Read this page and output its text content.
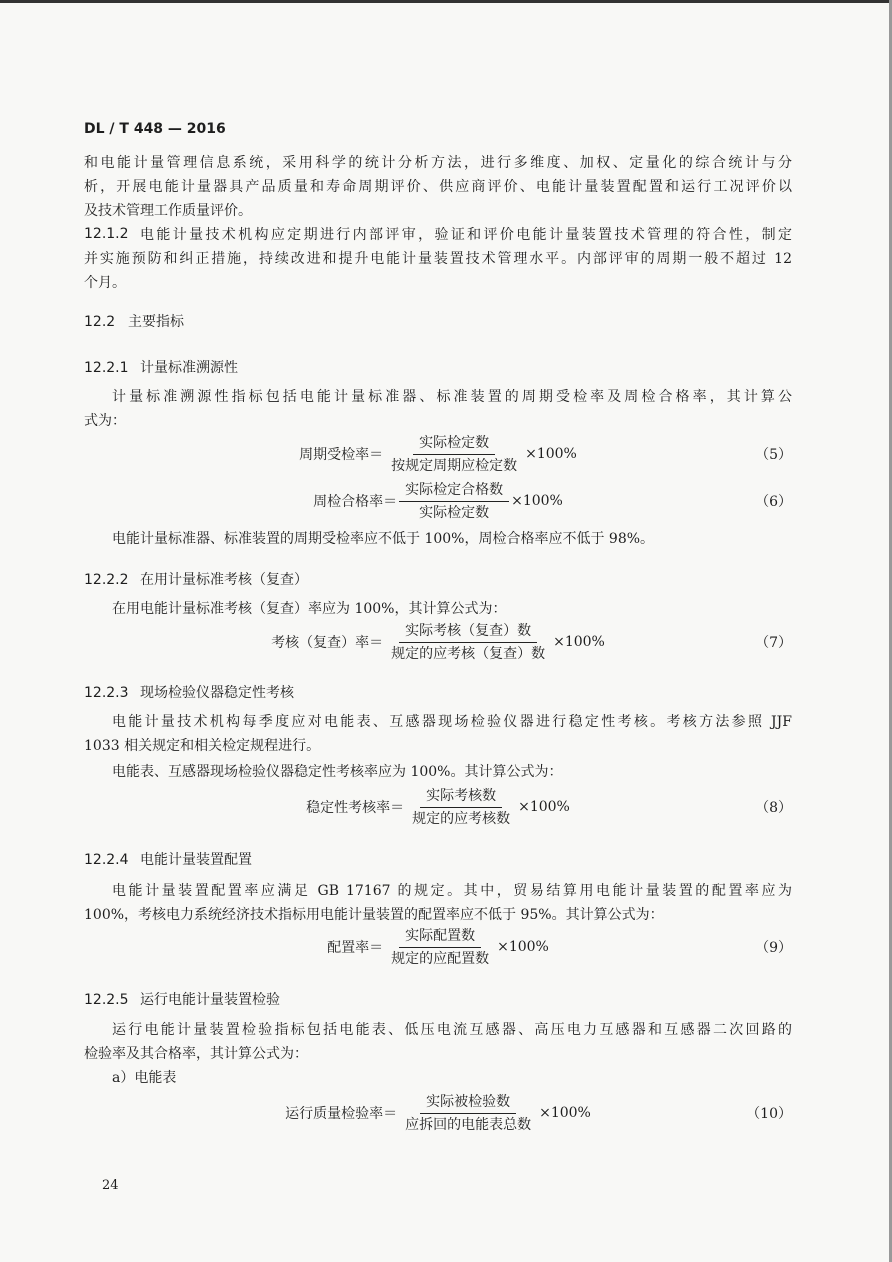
DL / T 448 — 2016
和电能计量管理信息系统，采用科学的统计分析方法，进行多维度、加权、定量化的综合统计与分
析，开展电能计量器具产品质量和寿命周期评价、供应商评价、电能计量装置配置和运行工况评价以
及技术管理工作质量评价。
12.1.2 电能计量技术机构应定期进行内部评审，验证和评价电能计量装置技术管理的符合性，制定
并实施预防和纠正措施，持续改进和提升电能计量装置技术管理水平。内部评审的周期一般不超过 12
个月。
12.2 主要指标
12.2.1 计量标准溯源性
计量标准溯源性指标包括电能计量标准器、标准装置的周期受检率及周检合格率，其计算公
式为：
周期受检率＝ $\frac{\text{实际检定数}}{\text{按规定周期应检定数}} \times 100\%$	（5）
周检合格率＝ $\frac{\text{实际检定合格数}}{\text{实际检定数}} \times 100\%$	（6）
电能计量标准器、标准装置的周期受检率应不低于 100%，周检合格率应不低于 98%。
12.2.2 在用计量标准考核（复查）
在用电能计量标准考核（复查）率应为 100%，其计算公式为：
考核（复查）率＝ $\frac{\text{实际考核（复查）数}}{\text{规定的应考核（复查）数}} \times 100\%$	（7）
12.2.3 现场检验仪器稳定性考核
电能计量技术机构每季度应对电能表、互感器现场检验仪器进行稳定性考核。考核方法参照 JJF
1033 相关规定和相关检定规程进行。
电能表、互感器现场检验仪器稳定性考核率应为 100%。其计算公式为：
稳定性考核率＝ $\frac{\text{实际考核数}}{\text{规定的应考核数}} \times 100\%$	（8）
12.2.4 电能计量装置配置
电能计量装置配置率应满足 GB 17167 的规定。其中，贸易结算用电能计量装置的配置率应为
100%，考核电力系统经济技术指标用电能计量装置的配置率应不低于 95%。其计算公式为：
配置率＝ $\frac{\text{实际配置数}}{\text{规定的应配置数}} \times 100\%$	（9）
12.2.5 运行电能计量装置检验
运行电能计量装置检验指标包括电能表、低压电流互感器、高压电力互感器和互感器二次回路的
检验率及其合格率，其计算公式为：
a）电能表
运行质量检验率＝ $\frac{\text{实际被检验数}}{\text{应拆回的电能表总数}} \times 100\%$	（10）
24
